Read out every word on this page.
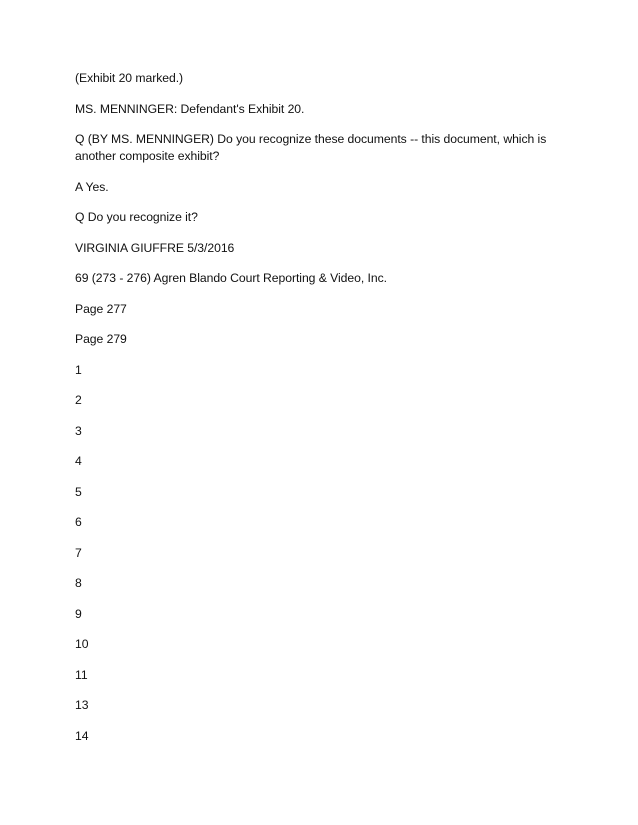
(Exhibit 20 marked.)

MS. MENNINGER: Defendant's Exhibit 20.

Q (BY MS. MENNINGER) Do you recognize these documents -- this document, which is another composite exhibit?

A Yes.

Q Do you recognize it?

VIRGINIA GIUFFRE 5/3/2016

69 (273 - 276) Agren Blando Court Reporting & Video, Inc.

Page 277

Page 279

1
2
3
4
5
6
7
8
9
10
11
13
14
